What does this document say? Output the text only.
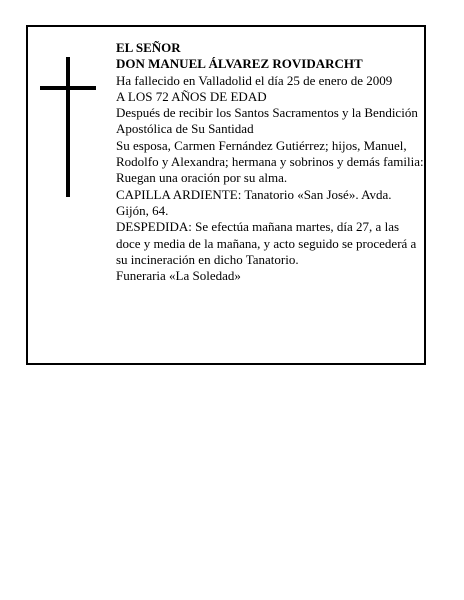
EL SEÑOR

DON MANUEL ÁLVAREZ ROVIDARCHT

Ha fallecido en Valladolid el día 25 de enero de 2009

A LOS 72 AÑOS DE EDAD

Después de recibir los Santos Sacramentos y la Bendición Apostólica de Su Santidad

Su esposa, Carmen Fernández Gutiérrez; hijos, Manuel, Rodolfo y Alexandra; hermana y sobrinos y demás familia:

Ruegan una oración por su alma.

CAPILLA ARDIENTE: Tanatorio «San José». Avda. Gijón, 64.

DESPEDIDA: Se efectúa mañana martes, día 27, a las doce y media de la mañana, y acto seguido se procederá a su incineración en dicho Tanatorio.

Funeraria «La Soledad»
